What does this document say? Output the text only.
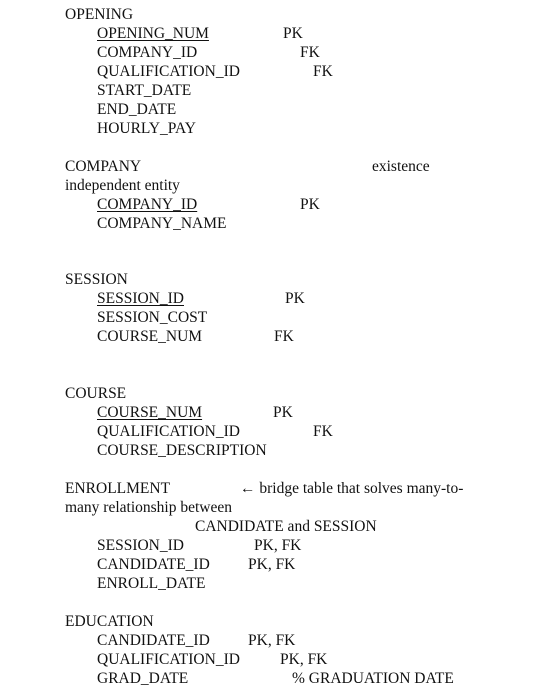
OPENING
OPENING_NUM
COMPANY_ID
QUALIFICATION_ID
START_DATE
END_DATE
HOURLY_PAY
PK
FK
FK
COMPANY	existence
independent entity
COMPANY_ID
COMPANY_NAME
PK
SESSION
SESSION_ID
SESSION_COST
COURSE_NUM
PK
FK
COURSE
COURSE_NUM
QUALIFICATION_ID
COURSE_DESCRIPTION
PK
FK
ENROLLMENT	← bridge table that solves many-to-
many relationship between
CANDIDATE and SESSION
SESSION_ID
CANDIDATE_ID
ENROLL_DATE
PK, FK
PK, FK
EDUCATION
CANDIDATE_ID
QUALIFICATION_ID
GRAD_DATE
PK, FK
PK, FK
% GRADUATION DATE
